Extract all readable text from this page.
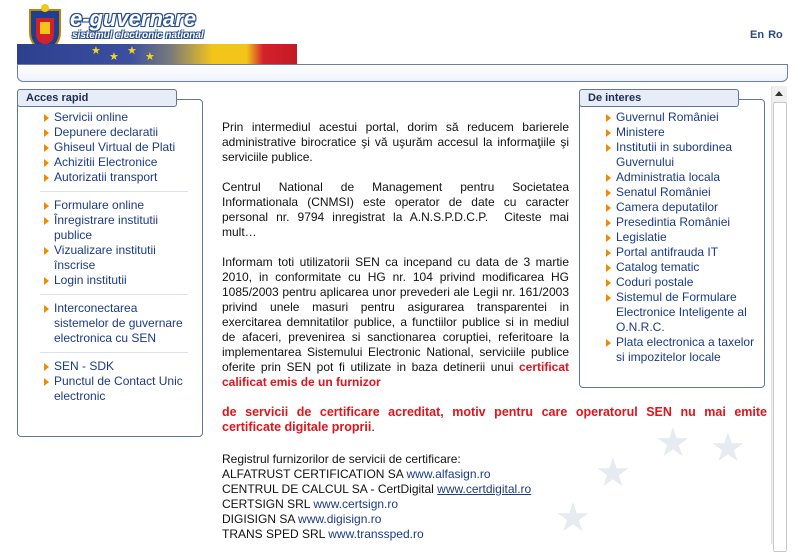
e-guvernare
sistemul electronic national
★ ★ ★ ★
En Ro
★ ★
★
★
Servicii online
Depunere declaratii
Ghiseul Virtual de Plati
Achizitii Electronice
Autorizatii transport
Formulare online
Înregistrare institutii publice
Vizualizare institutii înscrise
Login institutii
Interconectarea sistemelor de guvernare electronica cu SEN
SEN - SDK
Punctul de Contact Unic electronic
Acces rapid
Guvernul României
Ministere
Institutii in subordinea Guvernului
Administratia locala
Senatul României
Camera deputatilor
Presedintia României
Legislatie
Portal antifrauda IT
Catalog tematic
Coduri postale
Sistemul de Formulare Electronice Inteligente al O.N.R.C.
Plata electronica a taxelor si impozitelor locale
De interes

Prin intermediul acestui portal, dorim să reducem barierele administrative birocratice şi vă uşurăm accesul la informaţiile şi serviciile publice.

Centrul National de Management pentru Societatea Informationala (CNMSI) este operator de date cu caracter personal nr. 9794 inregistrat la A.N.S.P.D.C.P. Citeste mai mult…

Informam toti utilizatorii SEN ca incepand cu data de 3 martie 2010, in conformitate cu HG nr. 104 privind modificarea HG 1085/2003 pentru aplicarea unor prevederi ale Legii nr. 161/2003 privind unele masuri pentru asigurarea transparentei in exercitarea demnitatilor publice, a functiilor publice si in mediul de afaceri, prevenirea si sanctionarea coruptiei, referitoare la implementarea Sistemului Electronic National, serviciile publice oferite prin SEN pot fi utilizate in baza detinerii unui certificat calificat emis de un furnizor

de servicii de certificare acreditat, motiv pentru care operatorul SEN nu mai emite certificate digitale proprii.
Registrul furnizorilor de servicii de certificare:
ALFATRUST CERTIFICATION SA www.alfasign.ro
CENTRUL DE CALCUL SA - CertDigital www.certdigital.ro
CERTSIGN SRL www.certsign.ro
DIGISIGN SA www.digisign.ro
TRANS SPED SRL www.transsped.ro
